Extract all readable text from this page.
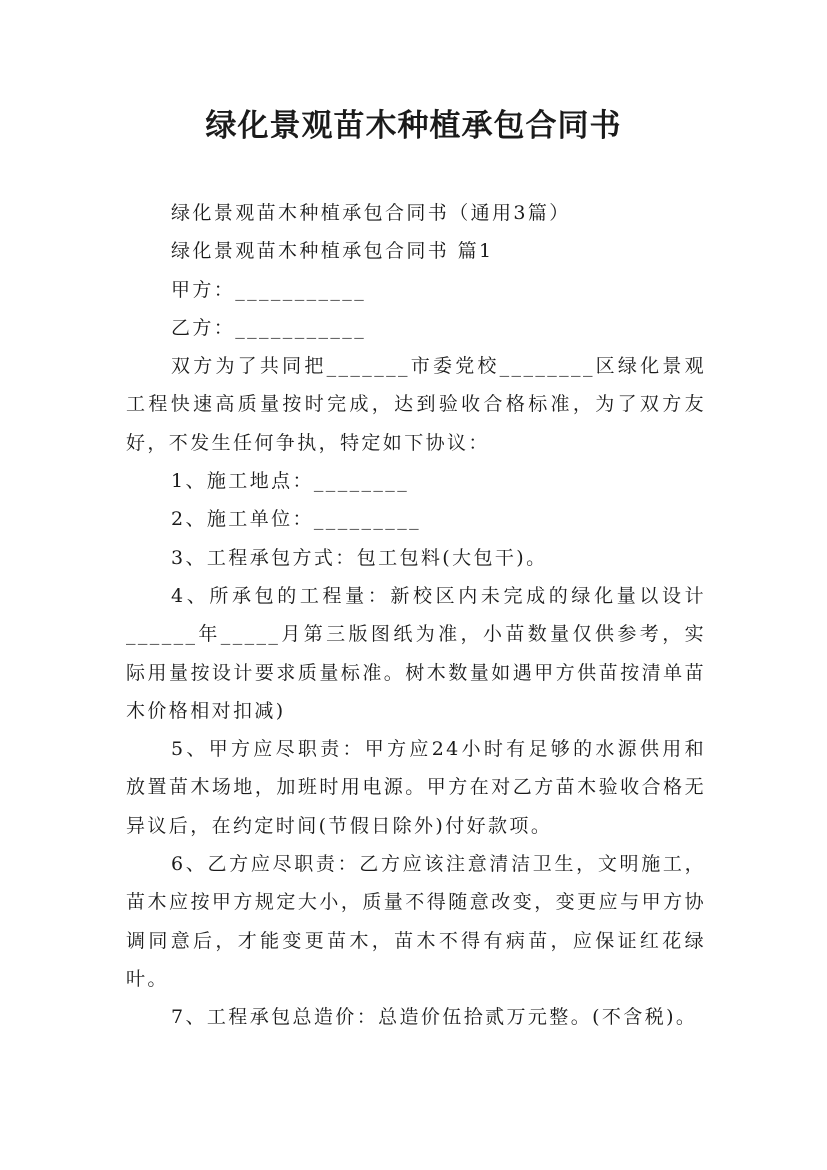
绿化景观苗木种植承包合同书

绿化景观苗木种植承包合同书（通用3篇）

绿化景观苗木种植承包合同书 篇1

甲方：___________

乙方：___________

双方为了共同把_______市委党校________区绿化景观工程快速高质量按时完成，达到验收合格标准，为了双方友好，不发生任何争执，特定如下协议：

1、施工地点：________

2、施工单位：_________

3、工程承包方式：包工包料(大包干)。

4、所承包的工程量：新校区内未完成的绿化量以设计______年_____月第三版图纸为准，小苗数量仅供参考，实际用量按设计要求质量标准。树木数量如遇甲方供苗按清单苗木价格相对扣减)

5、甲方应尽职责：甲方应24小时有足够的水源供用和放置苗木场地，加班时用电源。甲方在对乙方苗木验收合格无异议后，在约定时间(节假日除外)付好款项。

6、乙方应尽职责：乙方应该注意清洁卫生，文明施工，苗木应按甲方规定大小，质量不得随意改变，变更应与甲方协调同意后，才能变更苗木，苗木不得有病苗，应保证红花绿叶。

7、工程承包总造价：总造价伍拾贰万元整。(不含税)。
